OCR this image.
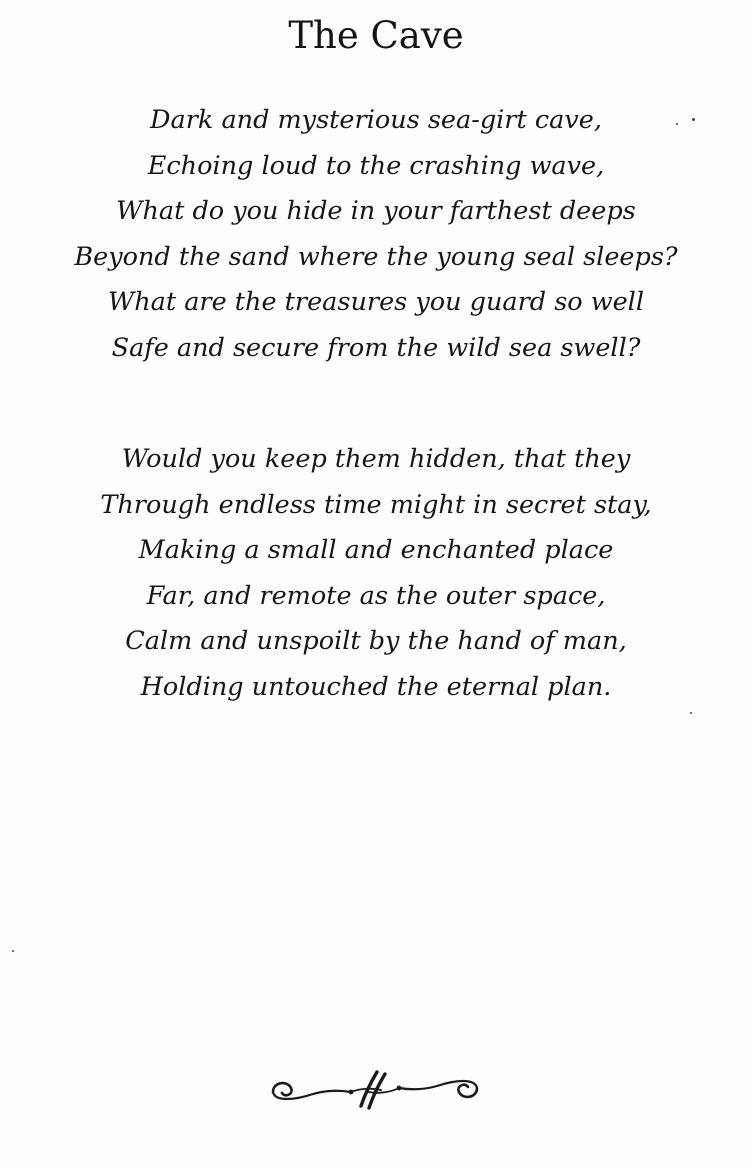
The Cave
Dark and mysterious sea-girt cave,
Echoing loud to the crashing wave,
What do you hide in your farthest deeps
Beyond the sand where the young seal sleeps?
What are the treasures you guard so well
Safe and secure from the wild sea swell?
Would you keep them hidden, that they
Through endless time might in secret stay,
Making a small and enchanted place
Far, and remote as the outer space,
Calm and unspoilt by the hand of man,
Holding untouched the eternal plan.
